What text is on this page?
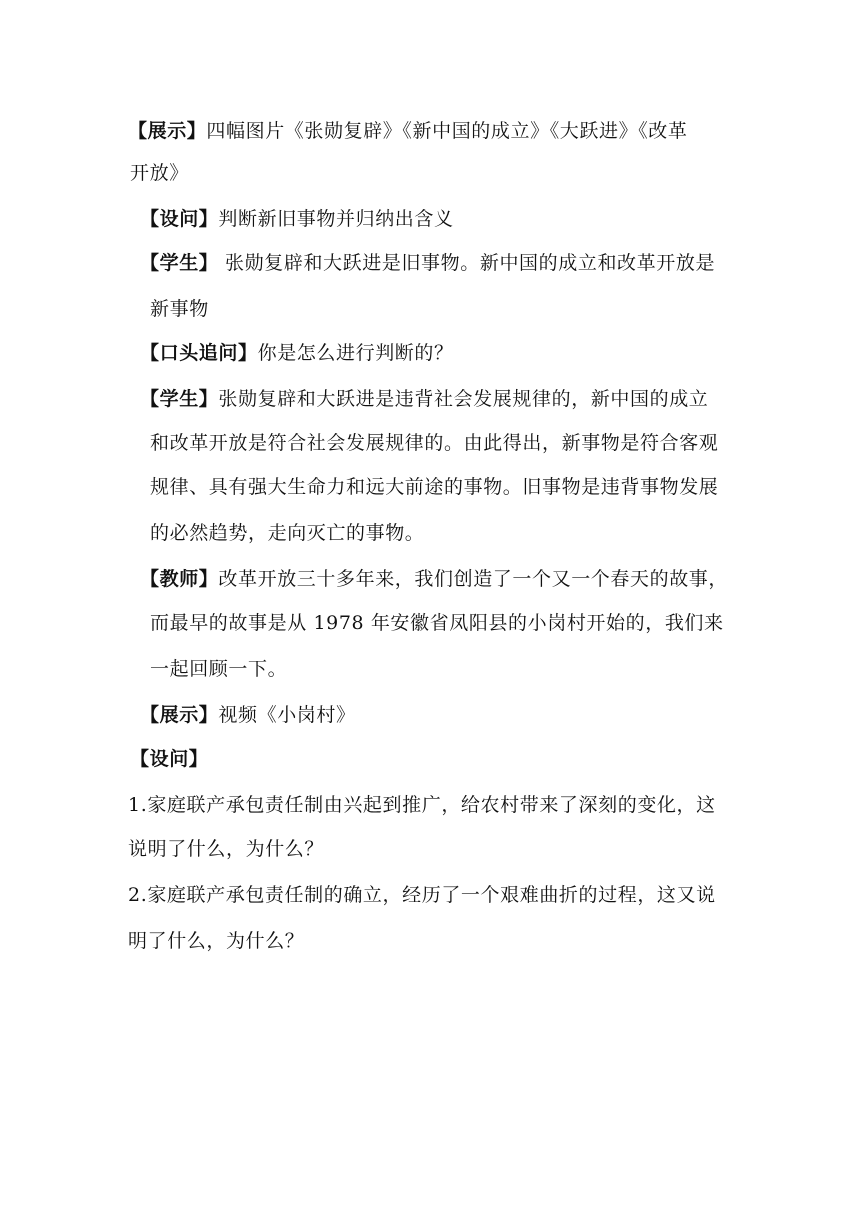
【展示】四幅图片《张勋复辟》《新中国的成立》《大跃进》《改革
开放》
【设问】判断新旧事物并归纳出含义
【学生】 张勋复辟和大跃进是旧事物。新中国的成立和改革开放是
新事物
【口头追问】你是怎么进行判断的？
【学生】张勋复辟和大跃进是违背社会发展规律的，新中国的成立
和改革开放是符合社会发展规律的。由此得出，新事物是符合客观
规律、具有强大生命力和远大前途的事物。旧事物是违背事物发展
的必然趋势，走向灭亡的事物。
【教师】改革开放三十多年来，我们创造了一个又一个春天的故事，
而最早的故事是从 1978 年安徽省凤阳县的小岗村开始的，我们来
一起回顾一下。
【展示】视频《小岗村》
【设问】
1.家庭联产承包责任制由兴起到推广，给农村带来了深刻的变化，这
说明了什么，为什么？
2.家庭联产承包责任制的确立，经历了一个艰难曲折的过程，这又说
明了什么，为什么？
